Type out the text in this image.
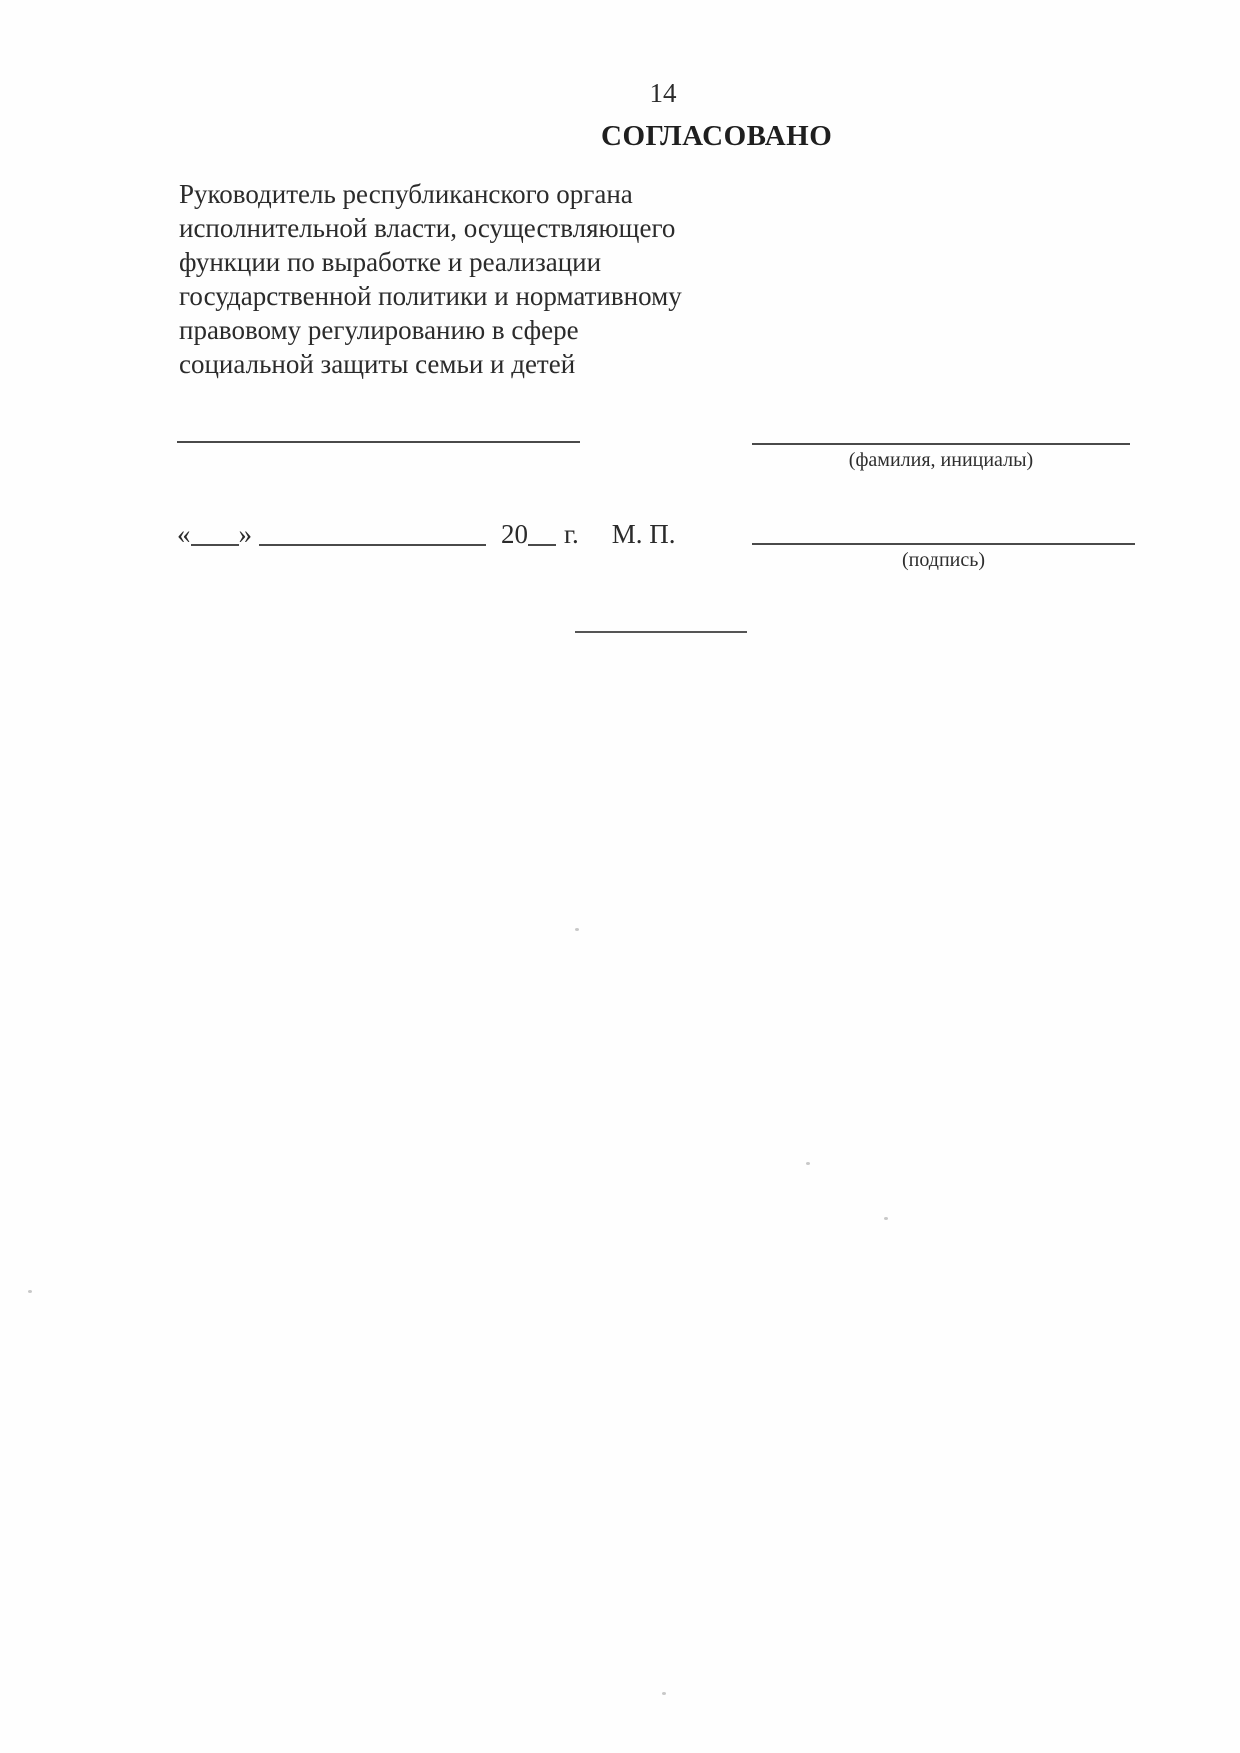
14
СОГЛАСОВАНО
Руководитель республиканского органа
исполнительной власти, осуществляющего
функции по выработке и реализации
государственной политики и нормативному
правовому регулированию в сфере
социальной защиты семьи и детей
(фамилия, инициалы)
« »	20 г. М. П.
(подпись)
